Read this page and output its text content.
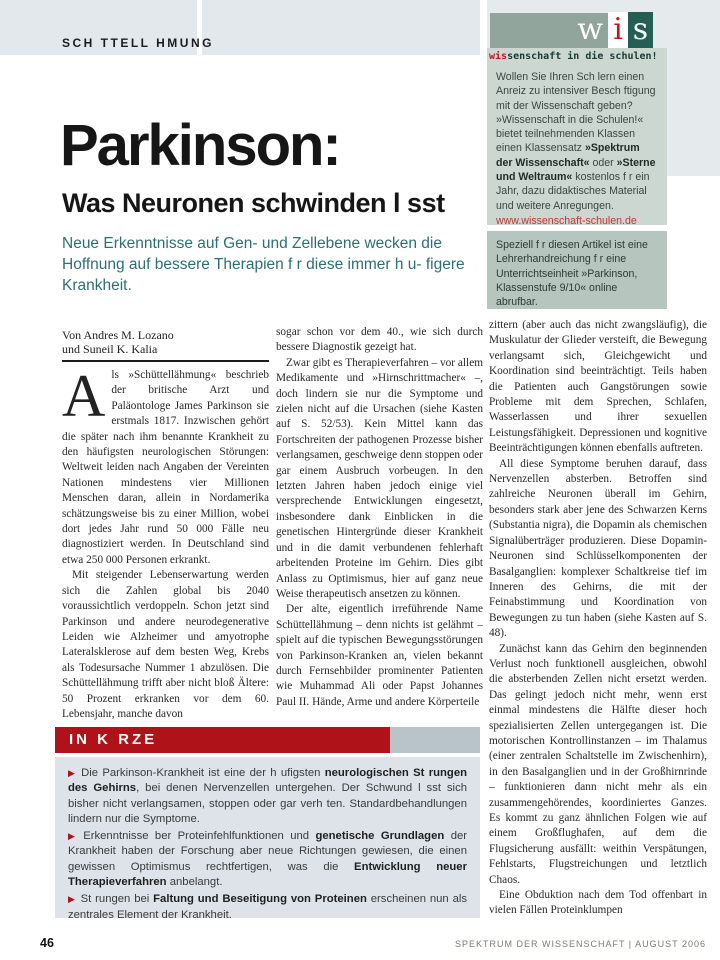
SCH TTELL HMUNG	w i s
Wollen Sie Ihren Sch lern einen Anreiz zu intensiver Besch ftigung mit der Wissenschaft geben? »Wissenschaft in die Schulen!« bietet teilnehmenden Klassen einen Klassensatz »Spektrum der Wissenschaft« oder »Sterne und Weltraum« kostenlos f r ein Jahr, dazu didaktisches Material und weitere Anregungen.
www.wissenschaft-schulen.de
wissenschaft in die schulen!
Speziell f r diesen Artikel ist eine Lehrerhandreichung f r eine Unterrichtseinheit »Parkinson, Klassenstufe 9/10« online abrufbar.
Parkinson:
Was Neuronen schwinden l sst
Neue Erkenntnisse auf Gen- und Zellebene wecken die Hoffnung auf bessere Therapien f r diese immer h u- figere Krankheit.
Von Andres M. Lozano
und Suneil K. Kalia

Als »Schüttellähmung« beschrieb der britische Arzt und Paläontologe James Parkinson sie erstmals 1817. Inzwischen gehört die später nach ihm benannte Krankheit zu den häufigsten neurologischen Störungen: Weltweit leiden nach Angaben der Vereinten Nationen mindestens vier Millionen Menschen daran, allein in Nordamerika schätzungsweise bis zu einer Million, wobei dort jedes Jahr rund 50 000 Fälle neu diagnostiziert werden. In Deutschland sind etwa 250 000 Personen erkrankt.

Mit steigender Lebenserwartung werden sich die Zahlen global bis 2040 voraussichtlich verdoppeln. Schon jetzt sind Parkinson und andere neurodegenerative Leiden wie Alzheimer und amyotrophe Lateralsklerose auf dem besten Weg, Krebs als Todesursache Nummer 1 abzulösen. Die Schüttellähmung trifft aber nicht bloß Ältere: 50 Prozent erkranken vor dem 60. Lebensjahr, manche davon

sogar schon vor dem 40., wie sich durch bessere Diagnostik gezeigt hat.

Zwar gibt es Therapieverfahren – vor allem Medikamente und »Hirnschrittmacher« –, doch lindern sie nur die Symptome und zielen nicht auf die Ursachen (siehe Kasten auf S. 52/53). Kein Mittel kann das Fortschreiten der pathogenen Prozesse bisher verlangsamen, geschweige denn stoppen oder gar einem Ausbruch vorbeugen. In den letzten Jahren haben jedoch einige viel versprechende Entwicklungen eingesetzt, insbesondere dank Einblicken in die genetischen Hintergründe dieser Krankheit und in die damit verbundenen fehlerhaft arbeitenden Proteine im Gehirn. Dies gibt Anlass zu Optimismus, hier auf ganz neue Weise therapeutisch ansetzen zu können.

Der alte, eigentlich irreführende Name Schüttellähmung – denn nichts ist gelähmt – spielt auf die typischen Bewegungsstörungen von Parkinson-Kranken an, vielen bekannt durch Fernsehbilder prominenter Patienten wie Muhammad Ali oder Papst Johannes Paul II. Hände, Arme und andere Körperteile

zittern (aber auch das nicht zwangsläufig), die Muskulatur der Glieder versteift, die Bewegung verlangsamt sich, Gleichgewicht und Koordination sind beeinträchtigt. Teils haben die Patienten auch Gangstörungen sowie Probleme mit dem Sprechen, Schlafen, Wasserlassen und ihrer sexuellen Leistungsfähigkeit. Depressionen und kognitive Beeinträchtigungen können ebenfalls auftreten.

All diese Symptome beruhen darauf, dass Nervenzellen absterben. Betroffen sind zahlreiche Neuronen überall im Gehirn, besonders stark aber jene des Schwarzen Kerns (Substantia nigra), die Dopamin als chemischen Signalüberträger produzieren. Diese Dopamin-Neuronen sind Schlüsselkomponenten der Basalganglien: komplexer Schaltkreise tief im Inneren des Gehirns, die mit der Feinabstimmung und Koordination von Bewegungen zu tun haben (siehe Kasten auf S. 48).

Zunächst kann das Gehirn den beginnenden Verlust noch funktionell ausgleichen, obwohl die absterbenden Zellen nicht ersetzt werden. Das gelingt jedoch nicht mehr, wenn erst einmal mindestens die Hälfte dieser hoch spezialisierten Zellen untergegangen ist. Die motorischen Kontrollinstanzen – im Thalamus (einer zentralen Schaltstelle im Zwischenhirn), in den Basalganglien und in der Großhirnrinde – funktionieren dann nicht mehr als ein zusammengehörendes, koordiniertes Ganzes. Es kommt zu ganz ähnlichen Folgen wie auf einem Großflughafen, auf dem die Flugsicherung ausfällt: weithin Verspätungen, Fehlstarts, Flugstreichungen und letztlich Chaos.

Eine Obduktion nach dem Tod offenbart in vielen Fällen Proteinklumpen

IN K RZE

▶ Die Parkinson-Krankheit ist eine der h ufigsten neurologischen St rungen des Gehirns, bei denen Nervenzellen untergehen. Der Schwund l sst sich bisher nicht verlangsamen, stoppen oder gar verh ten. Standardbehandlungen lindern nur die Symptome.

▶ Erkenntnisse ber Proteinfehlfunktionen und genetische Grundlagen der Krankheit haben der Forschung aber neue Richtungen gewiesen, die einen gewissen Optimismus rechtfertigen, was die Entwicklung neuer Therapieverfahren anbelangt.

▶ St rungen bei Faltung und Beseitigung von Proteinen erscheinen nun als zentrales Element der Krankheit.

46	SPEKTRUM DER WISSENSCHAFT | AUGUST 2006
